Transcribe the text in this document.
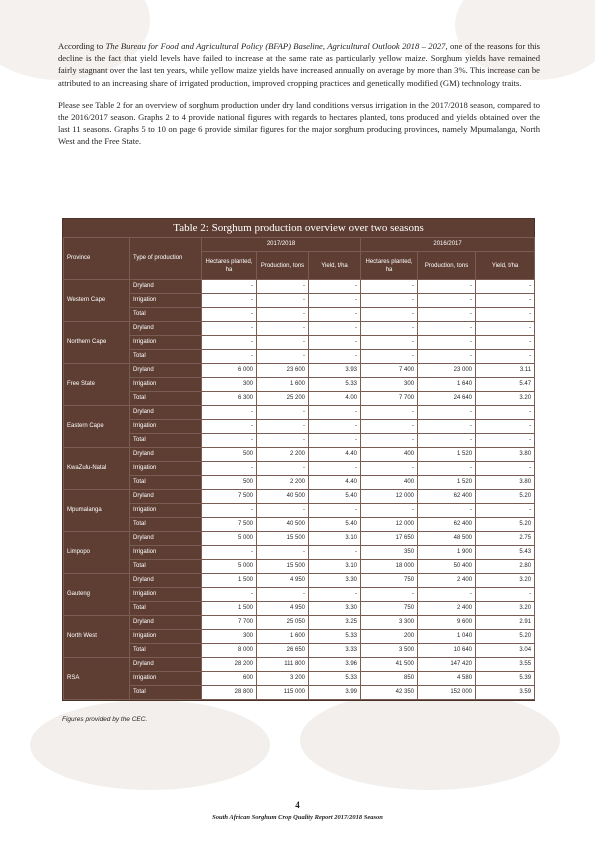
According to The Bureau for Food and Agricultural Policy (BFAP) Baseline, Agricultural Outlook 2018 – 2027, one of the reasons for this decline is the fact that yield levels have failed to increase at the same rate as particularly yellow maize. Sorghum yields have remained fairly stagnant over the last ten years, while yellow maize yields have increased annually on average by more than 3%. This increase can be attributed to an increasing share of irrigated production, improved cropping practices and genetically modified (GM) technology traits.

Please see Table 2 for an overview of sorghum production under dry land conditions versus irrigation in the 2017/2018 season, compared to the 2016/2017 season. Graphs 2 to 4 provide national figures with regards to hectares planted, tons produced and yields obtained over the last 11 seasons. Graphs 5 to 10 on page 6 provide similar figures for the major sorghum producing provinces, namely Mpumalanga, North West and the Free State.

Table 2: Sorghum production overview over two seasons
Province	Type of production	2017/2018			2016/2017		
		Hectares planted, ha	Production, tons	Yield, t/ha	Hectares planted, ha	Production, tons	Yield, t/ha
Western Cape	Dryland	-	-	-	-	-	-
	Irrigation	-	-	-	-	-	-
	Total	-	-	-	-	-	-
Northern Cape	Dryland	-	-	-	-	-	-
	Irrigation	-	-	-	-	-	-
	Total	-	-	-	-	-	-
Free State	Dryland	6 000	23 600	3.93	7 400	23 000	3.11
	Irrigation	300	1 600	5.33	300	1 640	5.47
	Total	6 300	25 200	4.00	7 700	24 640	3.20
Eastern Cape	Dryland	-	-	-	-	-	-
	Irrigation	-	-	-	-	-	-
	Total	-	-	-	-	-	-
KwaZulu-Natal	Dryland	500	2 200	4.40	400	1 520	3.80
	Irrigation	-	-	-	-	-	-
	Total	500	2 200	4.40	400	1 520	3.80
Mpumalanga	Dryland	7 500	40 500	5.40	12 000	62 400	5.20
	Irrigation	-	-	-	-	-	-
	Total	7 500	40 500	5.40	12 000	62 400	5.20
Limpopo	Dryland	5 000	15 500	3.10	17 650	48 500	2.75
	Irrigation	-	-	-	350	1 900	5.43
	Total	5 000	15 500	3.10	18 000	50 400	2.80
Gauteng	Dryland	1 500	4 950	3.30	750	2 400	3.20
	Irrigation	-	-	-	-	-	-
	Total	1 500	4 950	3.30	750	2 400	3.20
North West	Dryland	7 700	25 050	3.25	3 300	9 600	2.91
	Irrigation	300	1 600	5.33	200	1 040	5.20
	Total	8 000	26 650	3.33	3 500	10 640	3.04
RSA	Dryland	28 200	111 800	3.96	41 500	147 420	3.55
	Irrigation	600	3 200	5.33	850	4 580	5.39
	Total	28 800	115 000	3.99	42 350	152 000	3.59
Figures provided by the CEC.
4
South African Sorghum Crop Quality Report 2017/2018 Season
